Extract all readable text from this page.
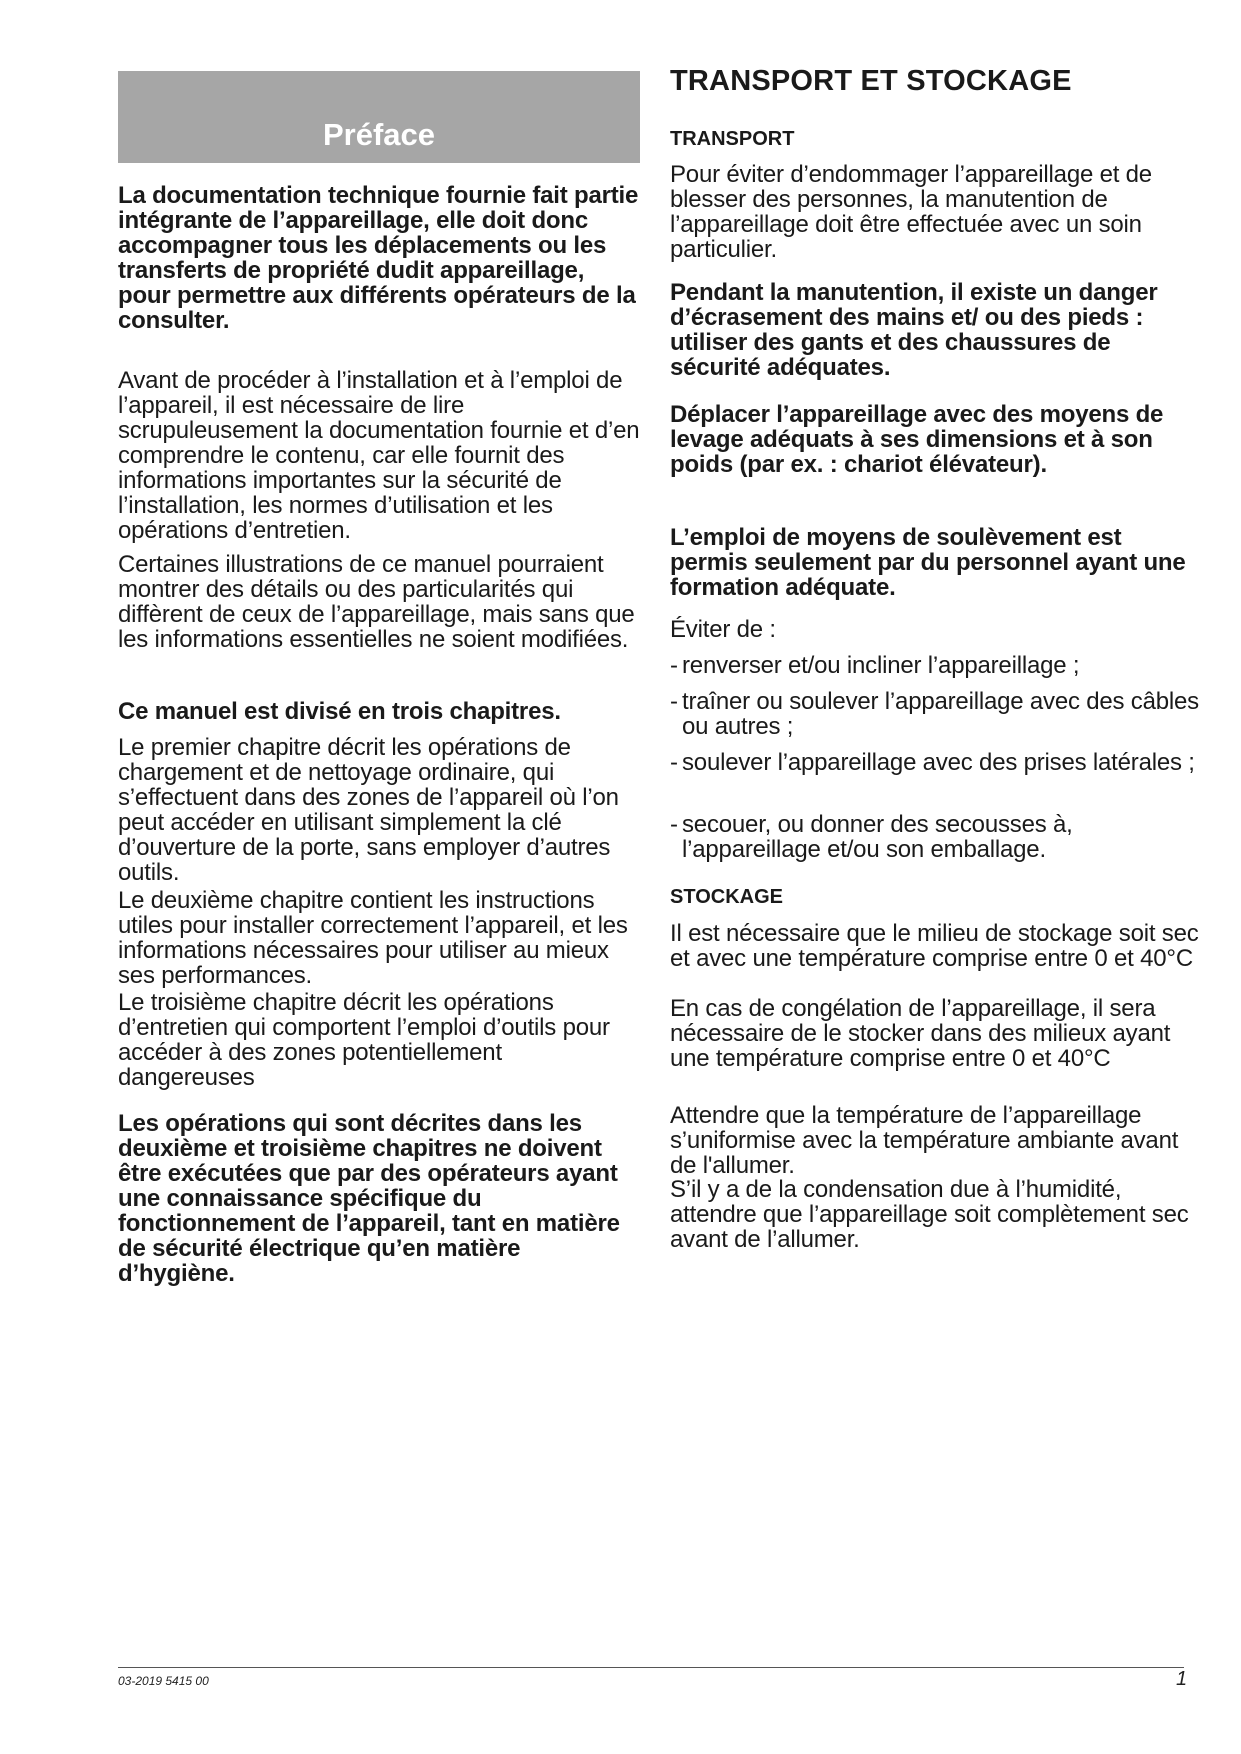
Préface
La documentation technique fournie fait partie intégrante de l’appareillage, elle doit donc accompagner tous les déplacements ou les transferts de propriété dudit appareillage, pour permettre aux différents opérateurs de la consulter.
Avant de procéder à l’installation et à l’emploi de l’appareil, il est nécessaire de lire scrupuleusement la documentation fournie et d’en comprendre le contenu, car elle fournit des informations importantes sur la sécurité de l’installation, les normes d’utilisation et les opérations d’entretien.
Certaines illustrations de ce manuel pourraient montrer des détails ou des particularités qui diffèrent de ceux de l’appareillage, mais sans que les informations essentielles ne soient modifiées.
Ce manuel est divisé en trois chapitres.
Le premier chapitre décrit les opérations de chargement et de nettoyage ordinaire, qui s’effectuent dans des zones de l’appareil où l’on peut accéder en utilisant simplement la clé d’ouverture de la porte, sans employer d’autres outils.
Le deuxième chapitre contient les instructions utiles pour installer correctement l’appareil, et les informations nécessaires pour utiliser au mieux ses performances.
Le troisième chapitre décrit les opérations d’entretien qui comportent l’emploi d’outils pour accéder à des zones potentiellement dangereuses
Les opérations qui sont décrites dans les deuxième et troisième chapitres ne doivent être exécutées que par des opérateurs ayant une connaissance spécifique du fonctionnement de l’appareil, tant en matière de sécurité électrique qu’en matière d’hygiène.
TRANSPORT ET STOCKAGE
TRANSPORT
Pour éviter d’endommager l’appareillage et de blesser des personnes, la manutention de l’appareillage doit être effectuée avec un soin particulier.
Pendant la manutention, il existe un danger d’écrasement des mains et/ ou des pieds : utiliser des gants et des chaussures de sécurité adéquates.
Déplacer l’appareillage avec des moyens de levage adéquats à ses dimensions et à son poids (par ex. : chariot élévateur).
L’emploi de moyens de soulèvement est permis seulement par du personnel ayant une formation adéquate.
Éviter de :
- renverser et/ou incliner l’appareillage ;
- traîner ou soulever l’appareillage avec des câbles ou autres ;
- soulever l’appareillage avec des prises latérales ;
- secouer, ou donner des secousses à, l’appareillage et/ou son emballage.
STOCKAGE
Il est nécessaire que le milieu de stockage soit sec et avec une température comprise entre 0 et 40°C
En cas de congélation de l’appareillage, il sera nécessaire de le stocker dans des milieux ayant une température comprise entre 0 et 40°C
Attendre que la température de l’appareillage s’uniformise avec la température ambiante avant de l'allumer.
S’il y a de la condensation due à l’humidité, attendre que l’appareillage soit complètement sec avant de l’allumer.
03-2019 5415 00	1
